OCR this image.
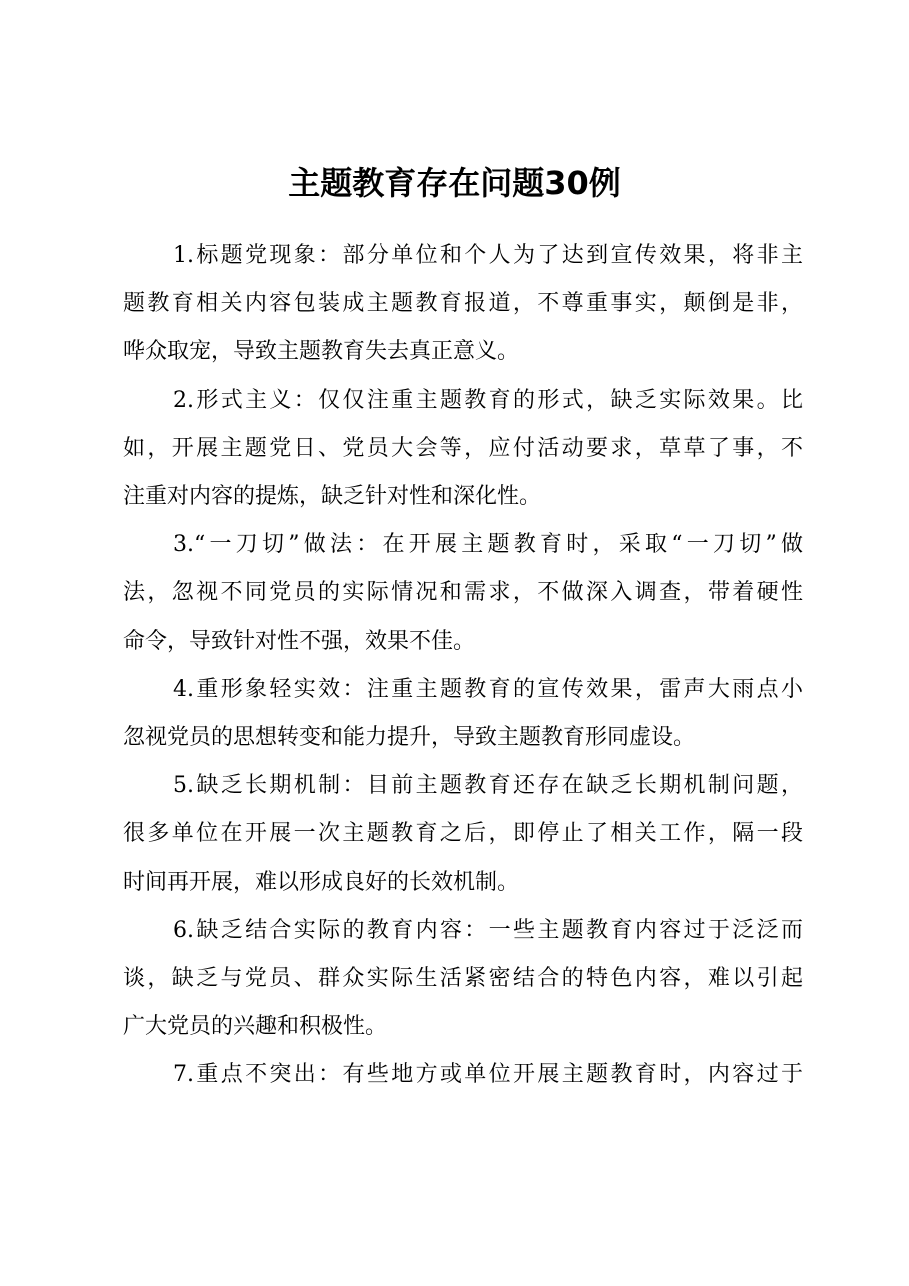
主题教育存在问题30例

1.标题党现象：部分单位和个人为了达到宣传效果，将非主
题教育相关内容包装成主题教育报道，不尊重事实，颠倒是非，
哗众取宠，导致主题教育失去真正意义。

2.形式主义：仅仅注重主题教育的形式，缺乏实际效果。比
如，开展主题党日、党员大会等，应付活动要求，草草了事，不
注重对内容的提炼，缺乏针对性和深化性。

3.“一刀切”做法：在开展主题教育时，采取“一刀切”做
法，忽视不同党员的实际情况和需求，不做深入调查，带着硬性
命令，导致针对性不强，效果不佳。

4.重形象轻实效：注重主题教育的宣传效果，雷声大雨点小
忽视党员的思想转变和能力提升，导致主题教育形同虚设。

5.缺乏长期机制：目前主题教育还存在缺乏长期机制问题，
很多单位在开展一次主题教育之后，即停止了相关工作，隔一段
时间再开展，难以形成良好的长效机制。

6.缺乏结合实际的教育内容：一些主题教育内容过于泛泛而
谈，缺乏与党员、群众实际生活紧密结合的特色内容，难以引起
广大党员的兴趣和积极性。

7.重点不突出：有些地方或单位开展主题教育时，内容过于
